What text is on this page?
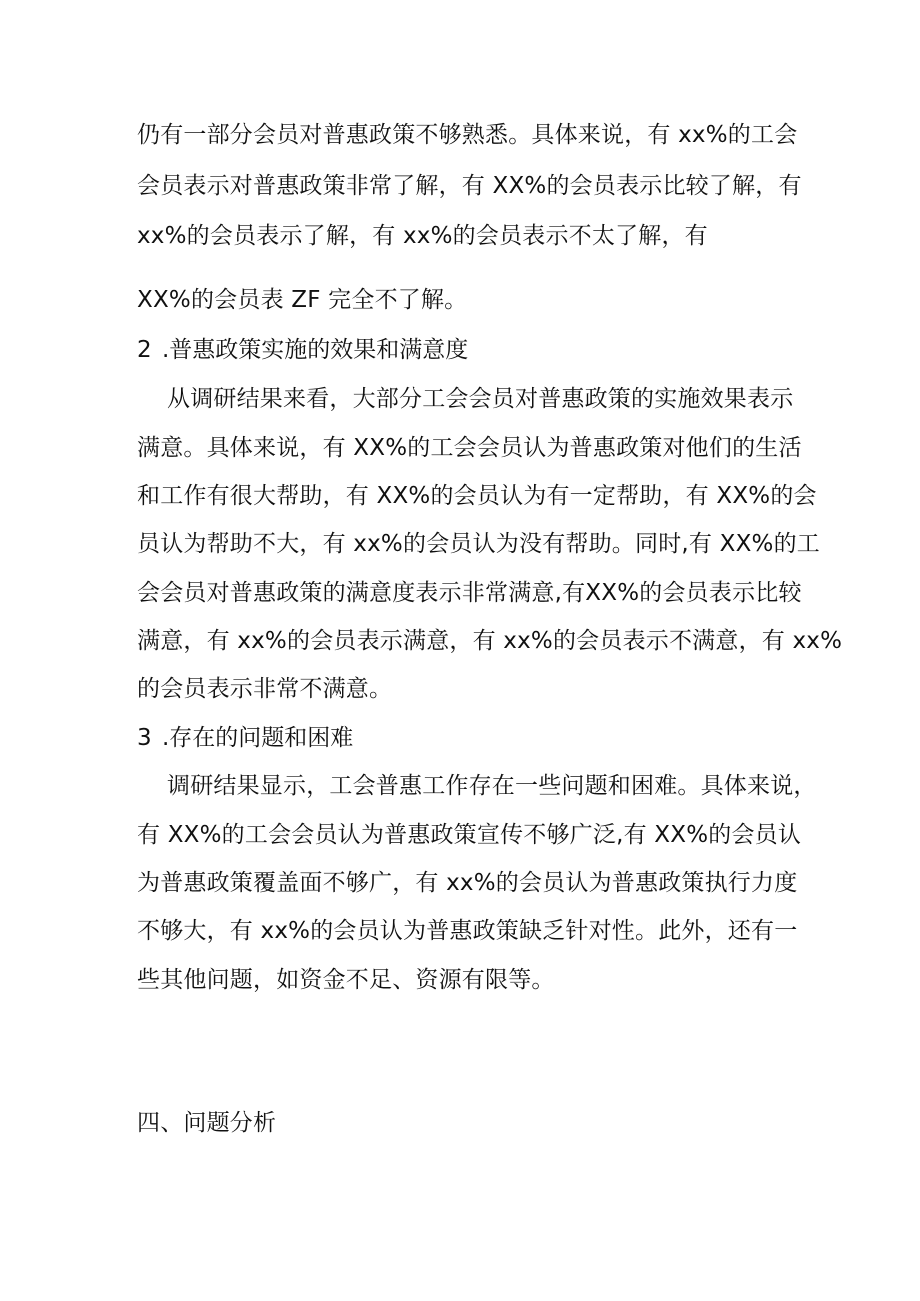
仍有一部分会员对普惠政策不够熟悉。具体来说，有 xx%的工会
会员表示对普惠政策非常了解，有 XX%的会员表示比较了解，有
xx%的会员表示了解，有 xx%的会员表示不太了解，有
XX%的会员表 ZF 完全不了解。
2 .普惠政策实施的效果和满意度
从调研结果来看，大部分工会会员对普惠政策的实施效果表示
满意。具体来说，有 XX%的工会会员认为普惠政策对他们的生活
和工作有很大帮助，有 XX%的会员认为有一定帮助，有 XX%的会
员认为帮助不大，有 xx%的会员认为没有帮助。同时,有 XX%的工
会会员对普惠政策的满意度表示非常满意,有XX%的会员表示比较
满意，有 xx%的会员表示满意，有 xx%的会员表示不满意，有 xx%
的会员表示非常不满意。
3 .存在的问题和困难
调研结果显示，工会普惠工作存在一些问题和困难。具体来说，
有 XX%的工会会员认为普惠政策宣传不够广泛,有 XX%的会员认
为普惠政策覆盖面不够广，有 xx%的会员认为普惠政策执行力度
不够大，有 xx%的会员认为普惠政策缺乏针对性。此外，还有一
些其他问题，如资金不足、资源有限等。
四、问题分析
